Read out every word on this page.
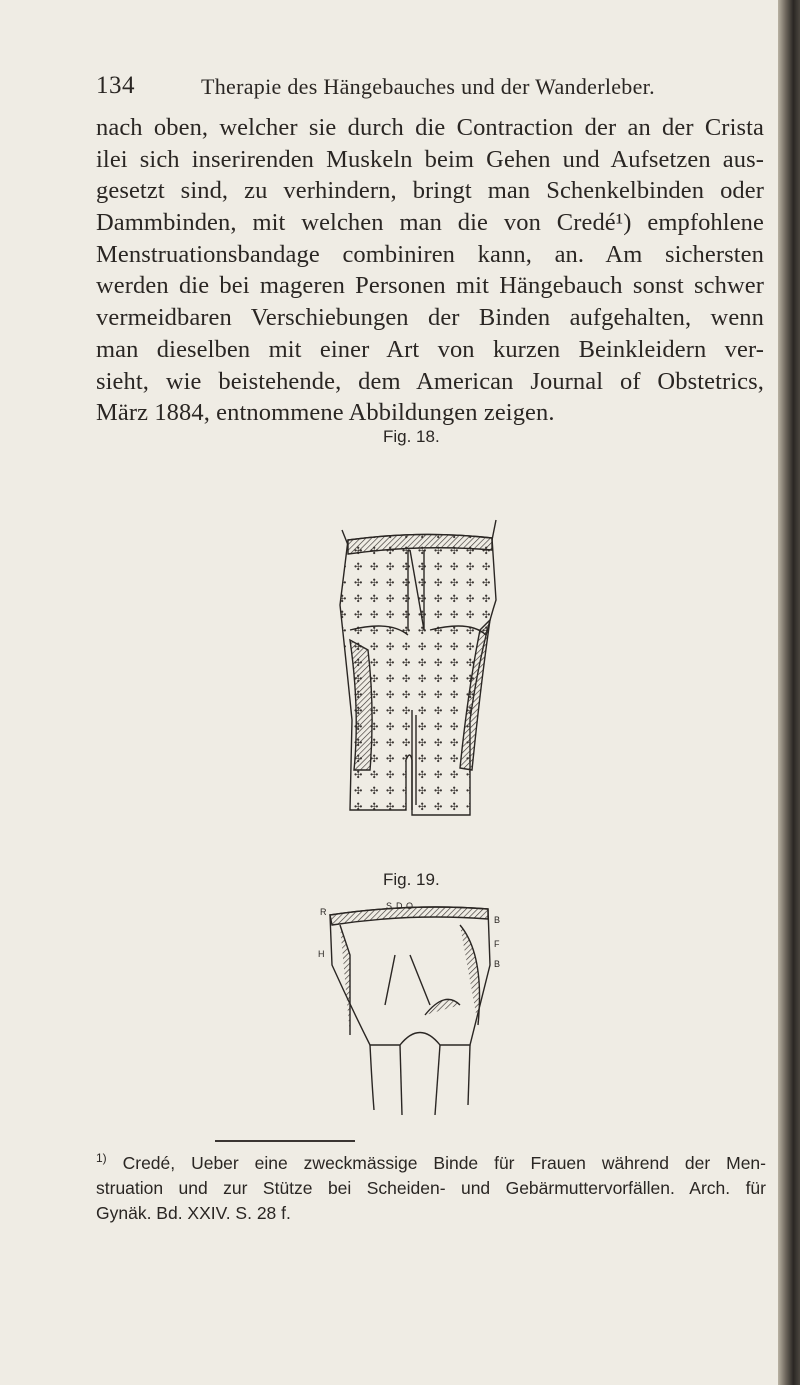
134	Therapie des Hängebauches und der Wanderleber.
nach oben, welcher sie durch die Contraction der an der Crista
ilei sich inserirenden Muskeln beim Gehen und Aufsetzen aus-
gesetzt sind, zu verhindern, bringt man Schenkelbinden oder
Dammbinden, mit welchen man die von Credé¹) empfohlene
Menstruationsbandage combiniren kann, an. Am sichersten
werden die bei mageren Personen mit Hängebauch sonst schwer
vermeidbaren Verschiebungen der Binden aufgehalten, wenn
man dieselben mit einer Art von kurzen Beinkleidern ver-
sieht, wie beistehende, dem American Journal of Obstetrics,
März 1884, entnommene Abbildungen zeigen.
Fig. 18.
Fig. 19.
S D O
B
F
B
R
H
$^{1)}$ Credé, Ueber eine zweckmässige Binde für Frauen während der Men-
struation und zur Stütze bei Scheiden- und Gebärmuttervorfällen. Arch. für
Gynäk. Bd. XXIV. S. 28 f.
